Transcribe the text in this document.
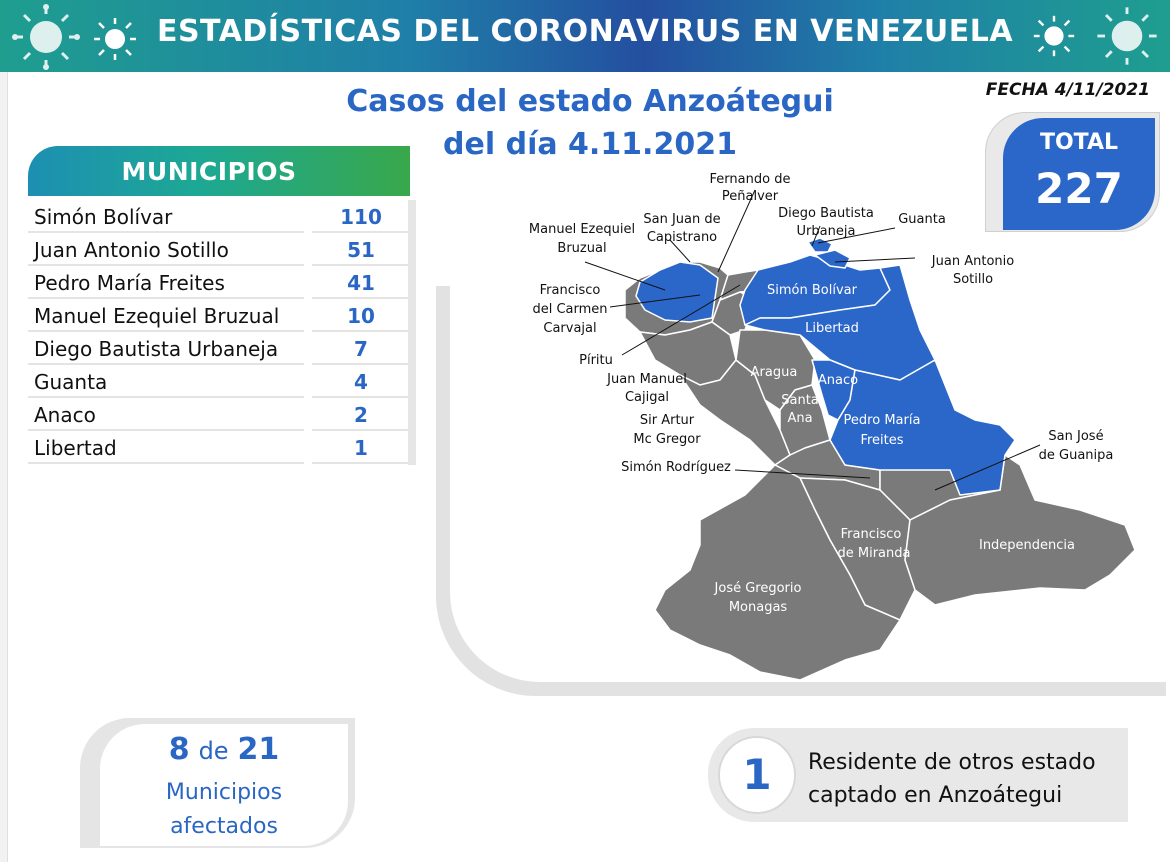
ESTADÍSTICAS DEL CORONAVIRUS EN VENEZUELA
Casos del estado Anzoátegui
del día 4.11.2021
FECHA 4/11/2021
TOTAL
227
MUNICIPIOS
Simón Bolívar	110
Juan Antonio Sotillo	51
Pedro María Freites	41
Manuel Ezequiel Bruzual	10
Diego Bautista Urbaneja	7
Guanta	4
Anaco	2
Libertad	1
Fernando de
Peñalver
San Juan de
Capistrano
Manuel Ezequiel
Bruzual
Diego Bautista
Urbaneja
Guanta
Juan Antonio
Sotillo
Francisco
del Carmen
Carvajal
Píritu
Juan Manuel
Cajigal
Sir Artur
Mc Gregor
Simón Rodríguez
San José
de Guanipa
Simón Bolívar
Libertad
Aragua
Anaco
Santa
Ana Pedro María
Freites
Francisco
de Miranda
Independencia
José Gregorio
Monagas
8 de 21
Municipios
afectados
1	Residente de otros estado
captado en Anzoátegui
